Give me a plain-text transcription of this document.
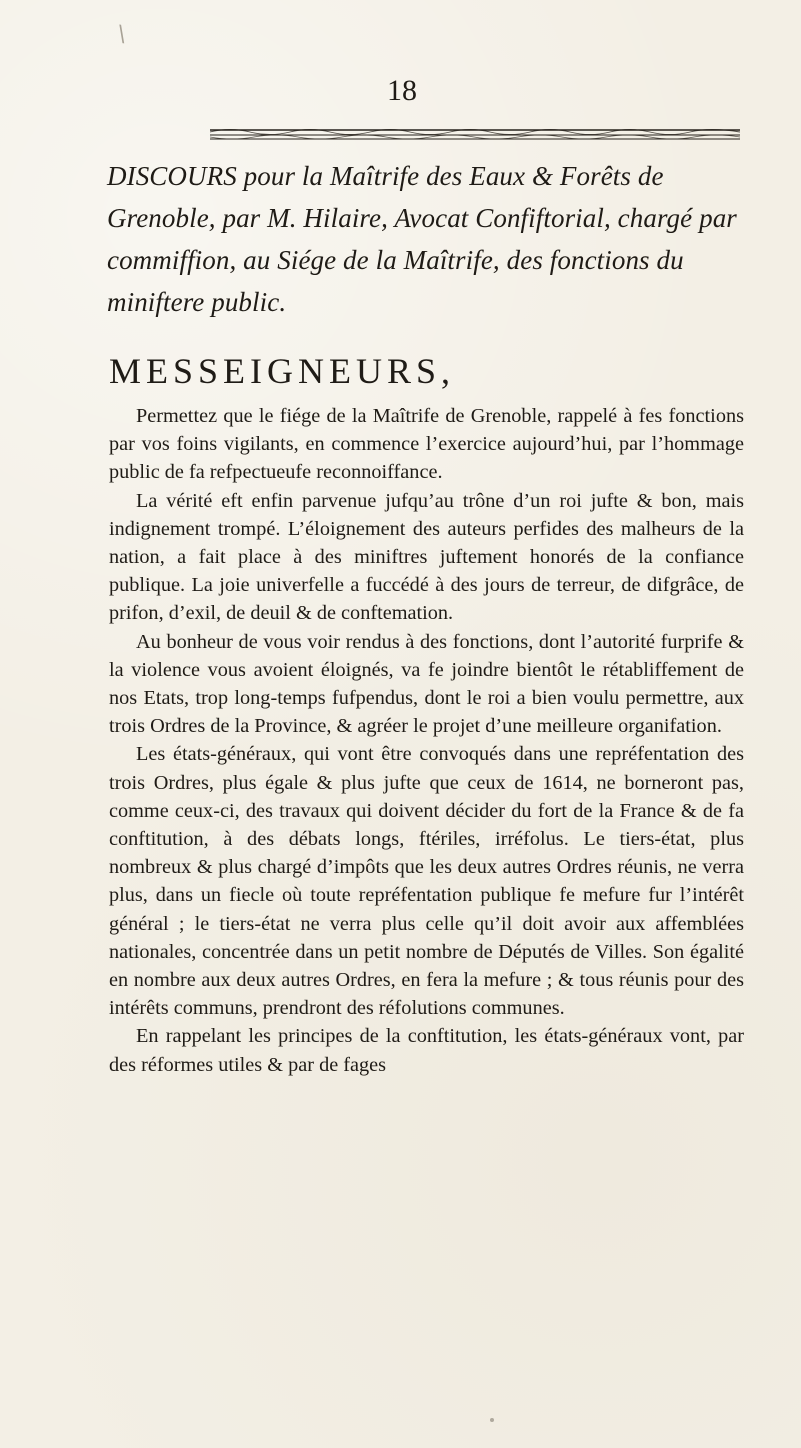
\
18
DISCOURS pour la Maîtrife des Eaux & Forêts de Grenoble, par M. Hilaire, Avocat Confiftorial, chargé par commiffion, au Siége de la Maîtrife, des fonctions du miniftere public.
MESSEIGNEURS,

Permettez que le fiége de la Maîtrife de Grenoble, rappelé à fes fonctions par vos foins vigilants, en commence l’exercice aujourd’hui, par l’hommage public de fa refpectueufe reconnoiffance.

La vérité eft enfin parvenue jufqu’au trône d’un roi jufte & bon, mais indignement trompé. L’éloignement des auteurs perfides des malheurs de la nation, a fait place à des miniftres juftement honorés de la confiance publique. La joie univerfelle a fuccédé à des jours de terreur, de difgrâce, de prifon, d’exil, de deuil & de conftemation.

Au bonheur de vous voir rendus à des fonctions, dont l’autorité furprife & la violence vous avoient éloignés, va fe joindre bientôt le rétabliffement de nos Etats, trop long-temps fufpendus, dont le roi a bien voulu permettre, aux trois Ordres de la Province, & agréer le projet d’une meilleure organifation.

Les états-généraux, qui vont être convoqués dans une repréfentation des trois Ordres, plus égale & plus jufte que ceux de 1614, ne borneront pas, comme ceux-ci, des travaux qui doivent décider du fort de la France & de fa conftitution, à des débats longs, ftériles, irréfolus. Le tiers-état, plus nombreux & plus chargé d’impôts que les deux autres Ordres réunis, ne verra plus, dans un fiecle où toute repréfentation publique fe mefure fur l’intérêt général ; le tiers-état ne verra plus celle qu’il doit avoir aux affemblées nationales, concentrée dans un petit nombre de Députés de Villes. Son égalité en nombre aux deux autres Ordres, en fera la mefure ; & tous réunis pour des intérêts communs, prendront des réfolutions communes.

En rappelant les principes de la conftitution, les états-généraux vont, par des réformes utiles & par de fages
